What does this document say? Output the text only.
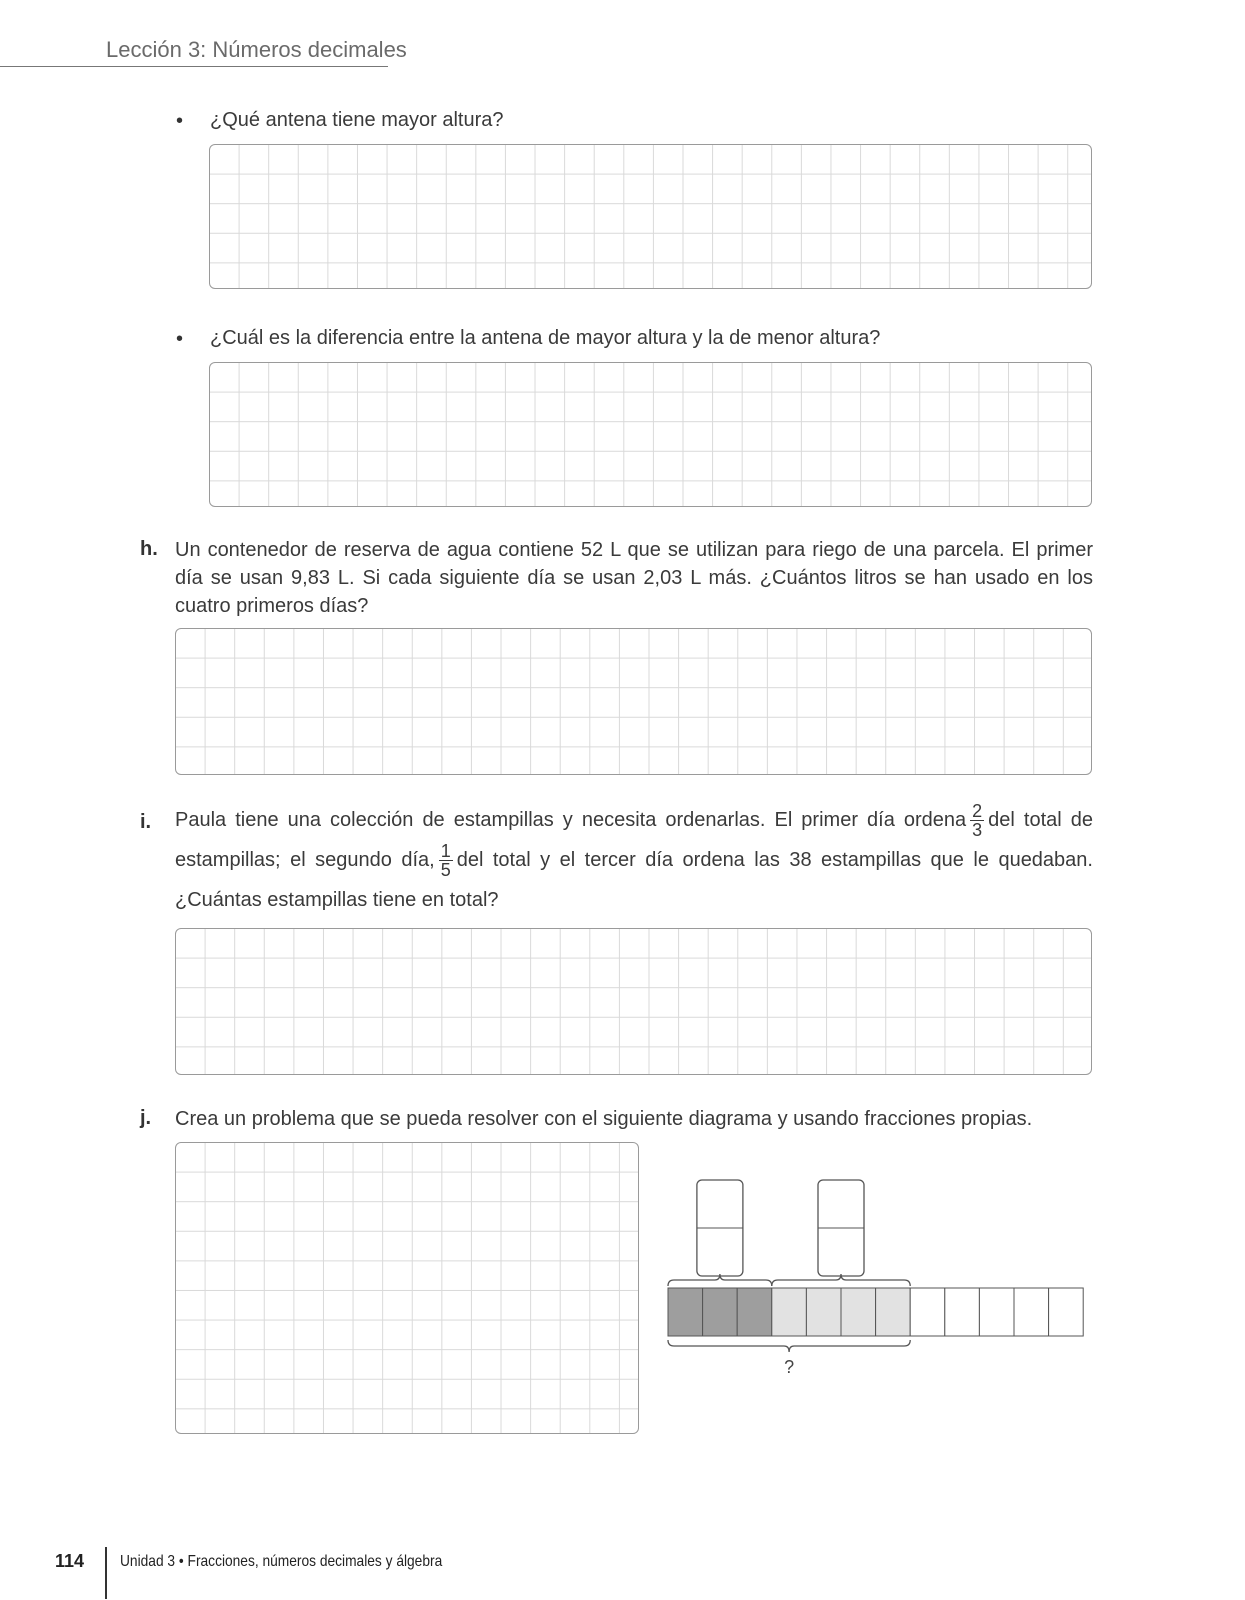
Lección 3: Números decimales
• ¿Qué antena tiene mayor altura?
• ¿Cuál es la diferencia entre la antena de mayor altura y la de menor altura?
h. Un contenedor de reserva de agua contiene 52 L que se utilizan para riego de una parcela. El primer día se usan 9,83 L. Si cada siguiente día se usan 2,03 L más. ¿Cuántos litros se han usado en los cuatro primeros días?
i. Paula tiene una colección de estampillas y necesita ordenarlas. El primer día ordena $\frac{2}{3}$ del total de estampillas; el segundo día, $\frac{1}{5}$ del total y el tercer día ordena las 38 estampillas que le quedaban. ¿Cuántas estampillas tiene en total?
j. Crea un problema que se pueda resolver con el siguiente diagrama y usando fracciones propias.
?
114 Unidad 3 • Fracciones, números decimales y álgebra
